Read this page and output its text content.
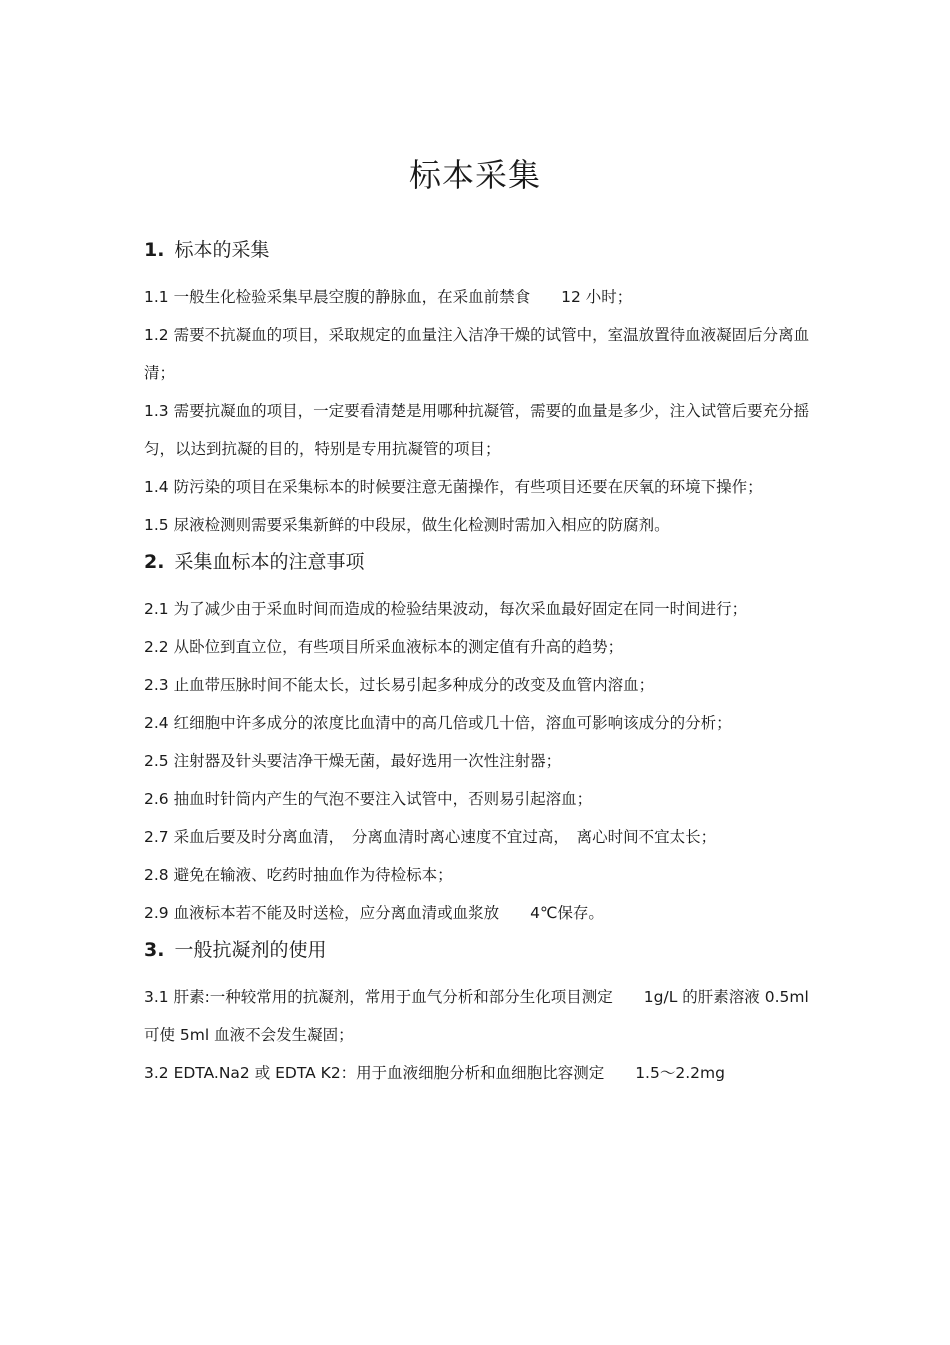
标本采集
1. 标本的采集

1.1 一般生化检验采集早晨空腹的静脉血，在采血前禁食　　12 小时；

1.2 需要不抗凝血的项目，采取规定的血量注入洁净干燥的试管中，室温放置待血液凝固后分离血清；

1.3 需要抗凝血的项目，一定要看清楚是用哪种抗凝管，需要的血量是多少，注入试管后要充分摇匀，以达到抗凝的目的，特别是专用抗凝管的项目；

1.4 防污染的项目在采集标本的时候要注意无菌操作，有些项目还要在厌氧的环境下操作；

1.5 尿液检测则需要采集新鲜的中段尿，做生化检测时需加入相应的防腐剂。

2. 采集血标本的注意事项

2.1 为了减少由于采血时间而造成的检验结果波动，每次采血最好固定在同一时间进行；

2.2 从卧位到直立位，有些项目所采血液标本的测定值有升高的趋势；

2.3 止血带压脉时间不能太长，过长易引起多种成分的改变及血管内溶血；

2.4 红细胞中许多成分的浓度比血清中的高几倍或几十倍，溶血可影响该成分的分析；

2.5 注射器及针头要洁净干燥无菌，最好选用一次性注射器；

2.6 抽血时针筒内产生的气泡不要注入试管中，否则易引起溶血；

2.7 采血后要及时分离血清，　分离血清时离心速度不宜过高，　离心时间不宜太长；

2.8 避免在输液、吃药时抽血作为待检标本；

2.9 血液标本若不能及时送检，应分离血清或血浆放　　4℃保存。

3. 一般抗凝剂的使用

3.1 肝素:一种较常用的抗凝剂，常用于血气分析和部分生化项目测定　　1g/L 的肝素溶液 0.5ml 可使 5ml 血液不会发生凝固；

3.2 EDTA.Na2 或 EDTA K2：用于血液细胞分析和血细胞比容测定　　1.5～2.2mg
